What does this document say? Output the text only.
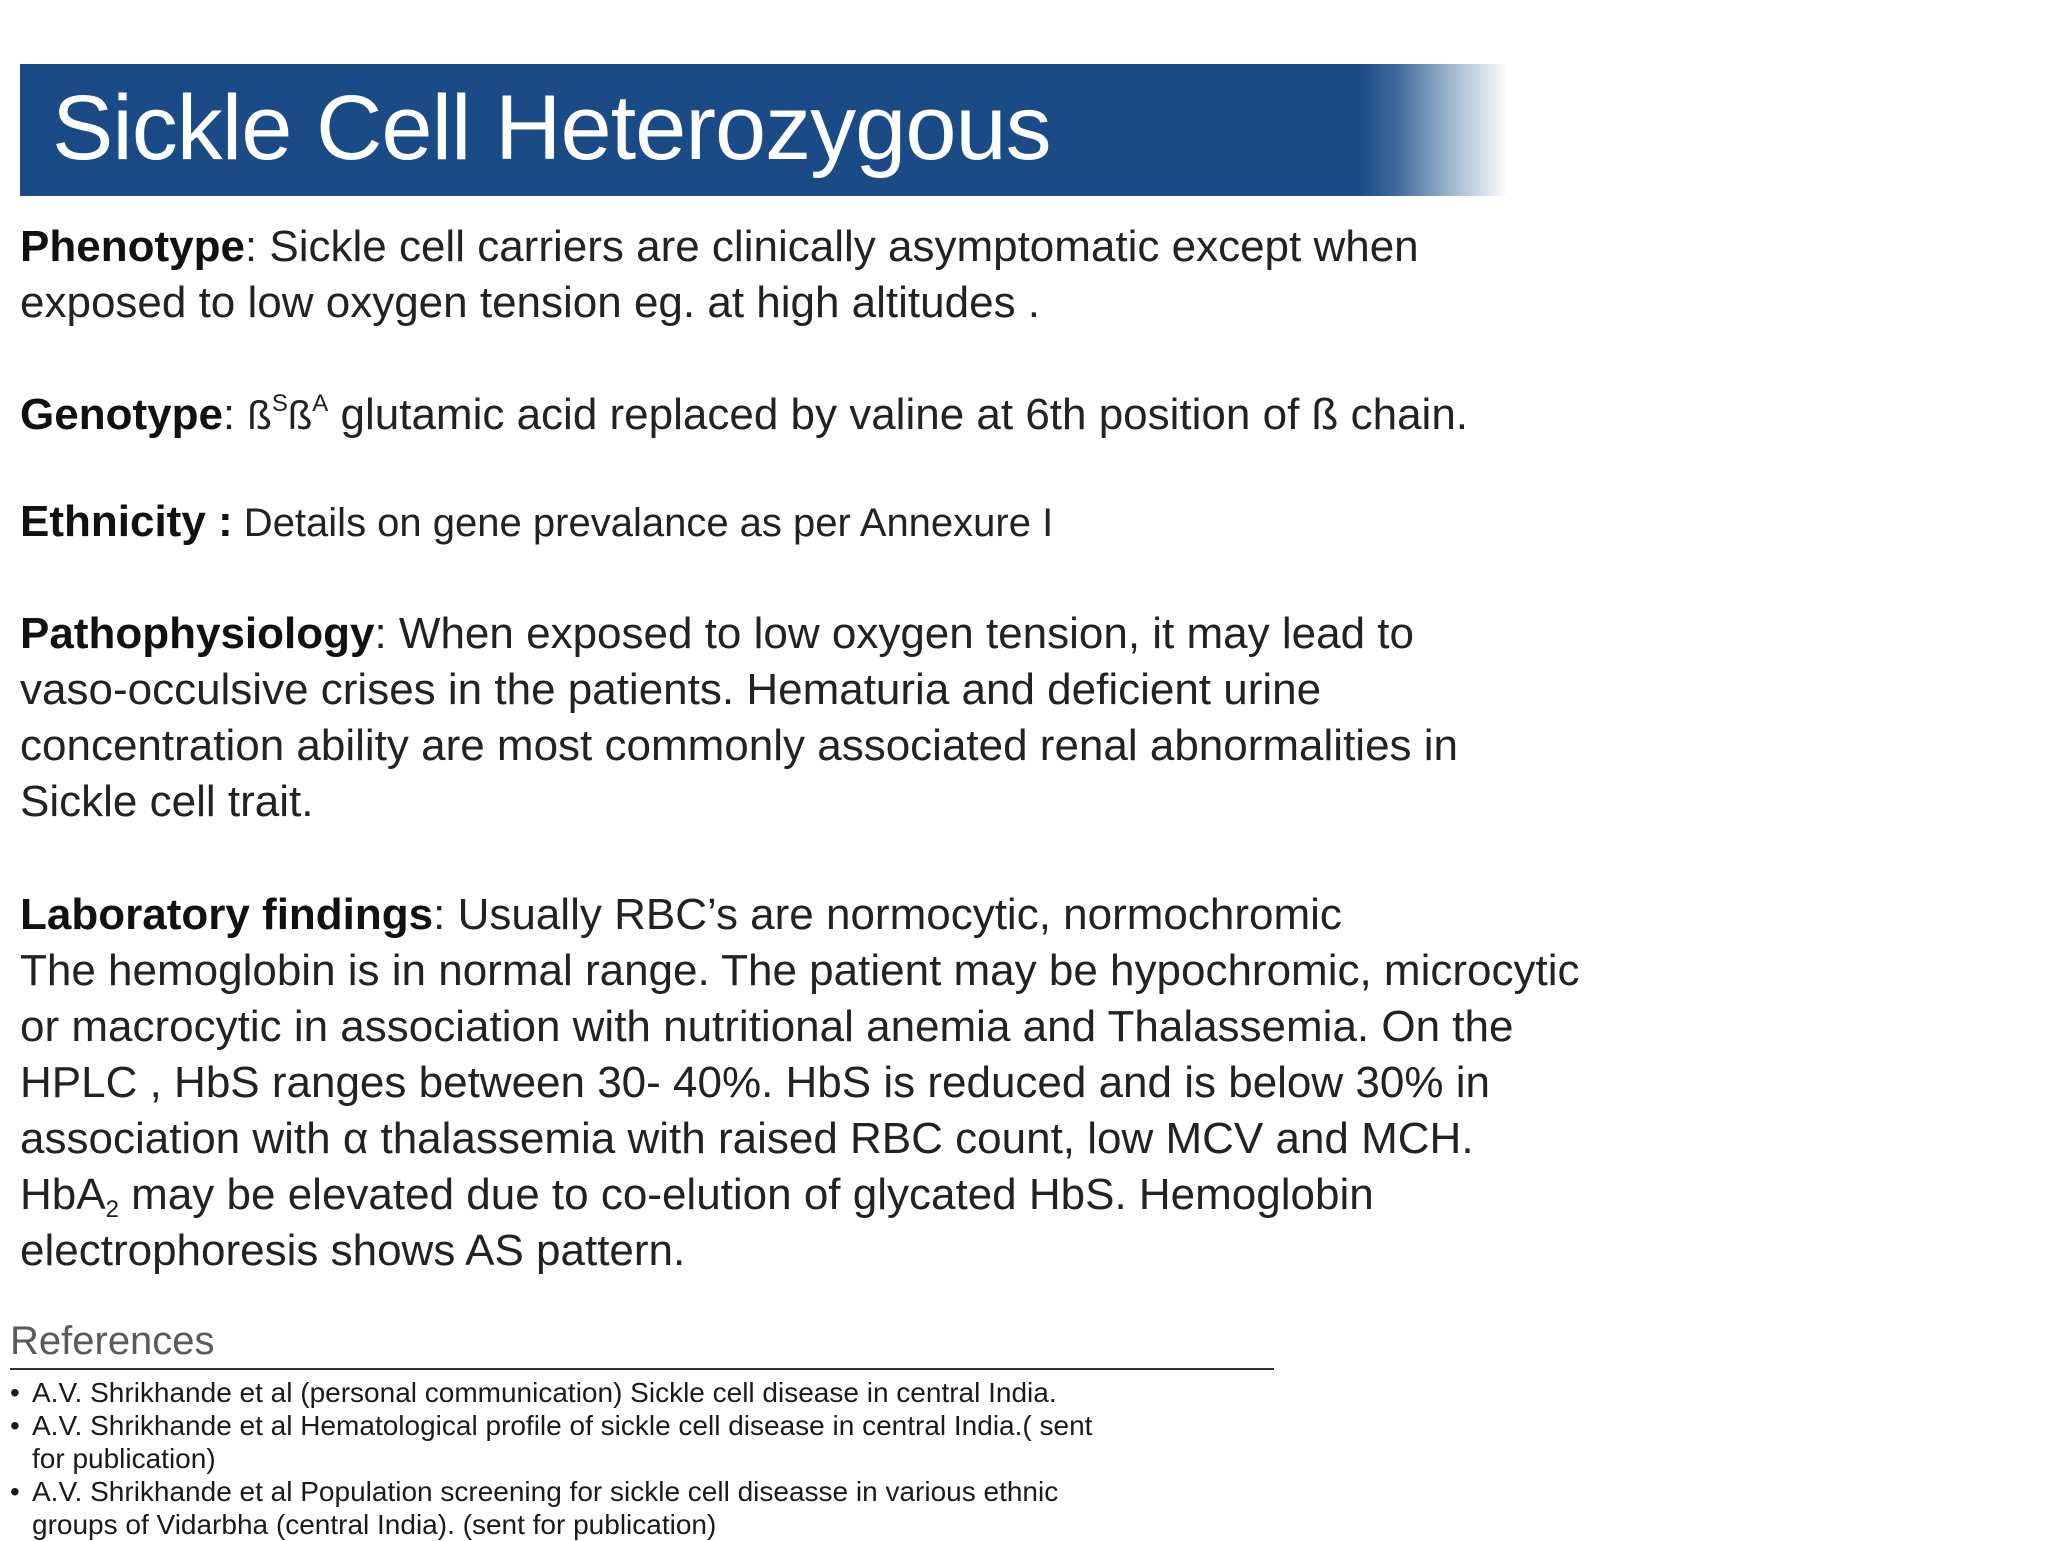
Sickle Cell Heterozygous
Phenotype: Sickle cell carriers are clinically asymptomatic except when
exposed to low oxygen tension eg. at high altitudes .
Genotype: $ß^Sß^A$ glutamic acid replaced by valine at 6th position of ß chain.
Ethnicity : Details on gene prevalance as per Annexure I
Pathophysiology: When exposed to low oxygen tension, it may lead to
vaso-occulsive crises in the patients. Hematuria and deficient urine
concentration ability are most commonly associated renal abnormalities in
Sickle cell trait.
Laboratory findings: Usually RBC’s are normocytic, normochromic
The hemoglobin is in normal range. The patient may be hypochromic, microcytic
or macrocytic in association with nutritional anemia and Thalassemia. On the
HPLC , HbS ranges between 30- 40%. HbS is reduced and is below 30% in
association with α thalassemia with raised RBC count, low MCV and MCH.
HbA$_2$ may be elevated due to co-elution of glycated HbS. Hemoglobin
electrophoresis shows AS pattern.
References
• A.V. Shrikhande et al (personal communication) Sickle cell disease in central India.
• A.V. Shrikhande et al Hematological profile of sickle cell disease in central India.( sent
for publication)
• A.V. Shrikhande et al Population screening for sickle cell diseasse in various ethnic
groups of Vidarbha (central India). (sent for publication)
